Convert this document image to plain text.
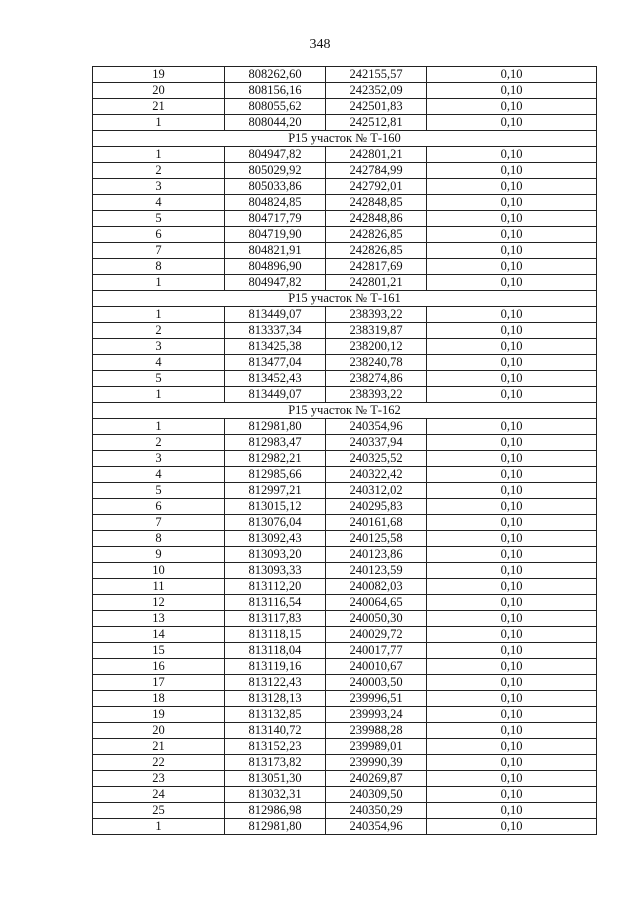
348
19	808262,60	242155,57	0,10
20	808156,16	242352,09	0,10
21	808055,62	242501,83	0,10
1	808044,20	242512,81	0,10
Р15 участок № Т-160			
1	804947,82	242801,21	0,10
2	805029,92	242784,99	0,10
3	805033,86	242792,01	0,10
4	804824,85	242848,85	0,10
5	804717,79	242848,86	0,10
6	804719,90	242826,85	0,10
7	804821,91	242826,85	0,10
8	804896,90	242817,69	0,10
1	804947,82	242801,21	0,10
Р15 участок № Т-161			
1	813449,07	238393,22	0,10
2	813337,34	238319,87	0,10
3	813425,38	238200,12	0,10
4	813477,04	238240,78	0,10
5	813452,43	238274,86	0,10
1	813449,07	238393,22	0,10
Р15 участок № Т-162			
1	812981,80	240354,96	0,10
2	812983,47	240337,94	0,10
3	812982,21	240325,52	0,10
4	812985,66	240322,42	0,10
5	812997,21	240312,02	0,10
6	813015,12	240295,83	0,10
7	813076,04	240161,68	0,10
8	813092,43	240125,58	0,10
9	813093,20	240123,86	0,10
10	813093,33	240123,59	0,10
11	813112,20	240082,03	0,10
12	813116,54	240064,65	0,10
13	813117,83	240050,30	0,10
14	813118,15	240029,72	0,10
15	813118,04	240017,77	0,10
16	813119,16	240010,67	0,10
17	813122,43	240003,50	0,10
18	813128,13	239996,51	0,10
19	813132,85	239993,24	0,10
20	813140,72	239988,28	0,10
21	813152,23	239989,01	0,10
22	813173,82	239990,39	0,10
23	813051,30	240269,87	0,10
24	813032,31	240309,50	0,10
25	812986,98	240350,29	0,10
1	812981,80	240354,96	0,10
